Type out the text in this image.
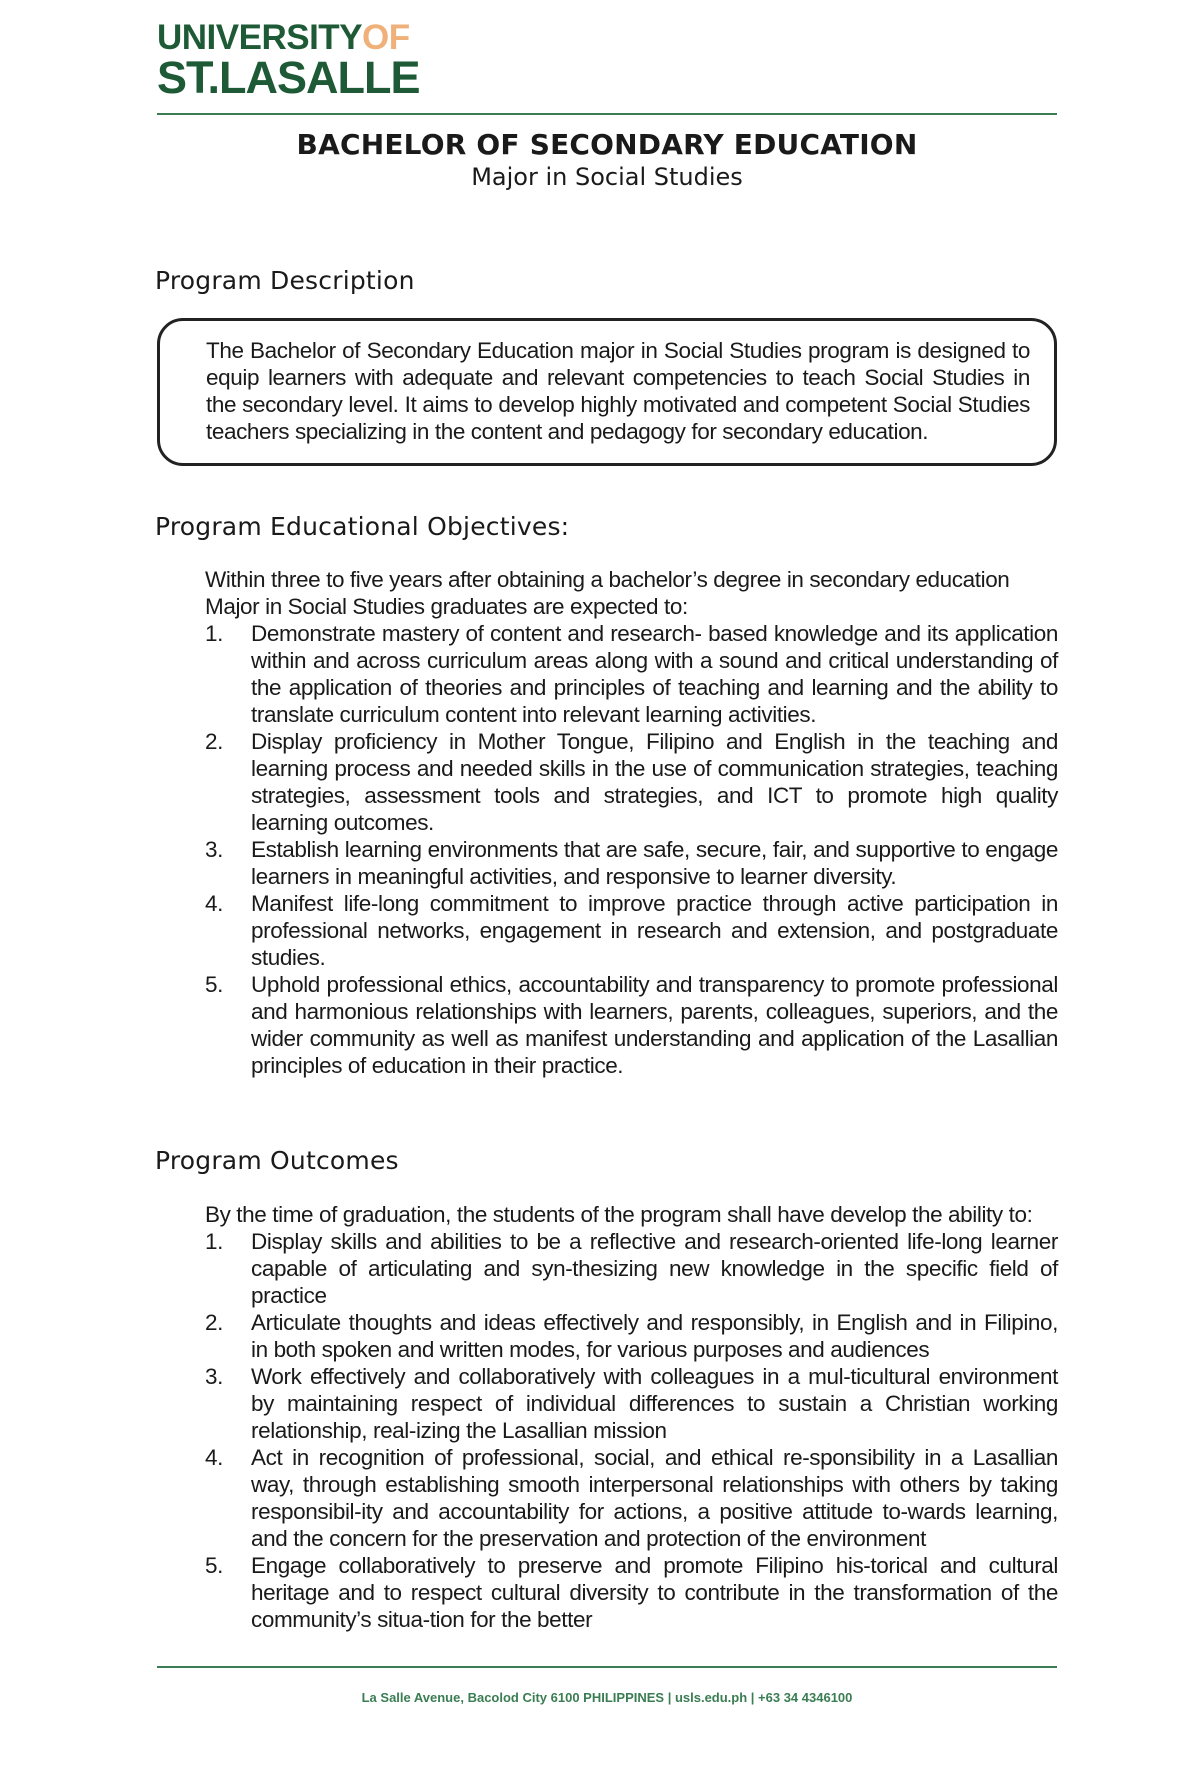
UNIVERSITYOF
ST.LASALLE
BACHELOR OF SECONDARY EDUCATION
Major in Social Studies
Program Description
The Bachelor of Secondary Education major in Social Studies program is designed to equip learners with adequate and relevant competencies to teach Social Studies in the secondary level. It aims to develop highly motivated and competent Social Studies teachers specializing in the content and pedagogy for secondary education.
Program Educational Objectives:
Within three to five years after obtaining a bachelor’s degree in secondary education Major in Social Studies graduates are expected to:
1.	Demonstrate mastery of content and research- based knowledge and its application within and across curriculum areas along with a sound and critical understanding of the application of theories and principles of teaching and learning and the ability to translate curriculum content into relevant learning activities.
2.	Display proficiency in Mother Tongue, Filipino and English in the teaching and learning process and needed skills in the use of communication strategies, teaching strategies, assessment tools and strategies, and ICT to promote high quality learning outcomes.
3.	Establish learning environments that are safe, secure, fair, and supportive to engage learners in meaningful activities, and responsive to learner diversity.
4.	Manifest life-long commitment to improve practice through active participation in professional networks, engagement in research and extension, and postgraduate studies.
5.	Uphold professional ethics, accountability and transparency to promote professional and harmonious relationships with learners, parents, colleagues, superiors, and the wider community as well as manifest understanding and application of the Lasallian principles of education in their practice.
Program Outcomes
By the time of graduation, the students of the program shall have develop the ability to:
1.	Display skills and abilities to be a reflective and research-oriented life-long learner capable of articulating and syn-thesizing new knowledge in the specific field of practice
2.	Articulate thoughts and ideas effectively and responsibly, in English and in Filipino, in both spoken and written modes, for various purposes and audiences
3.	Work effectively and collaboratively with colleagues in a mul-ticultural environment by maintaining respect of individual differences to sustain a Christian working relationship, real-izing the Lasallian mission
4.	Act in recognition of professional, social, and ethical re-sponsibility in a Lasallian way, through establishing smooth interpersonal relationships with others by taking responsibil-ity and accountability for actions, a positive attitude to-wards learning, and the concern for the preservation and protection of the environment
5.	Engage collaboratively to preserve and promote Filipino his-torical and cultural heritage and to respect cultural diversity to contribute in the transformation of the community’s situa-tion for the better
La Salle Avenue, Bacolod City 6100 PHILIPPINES | usls.edu.ph | +63 34 4346100
